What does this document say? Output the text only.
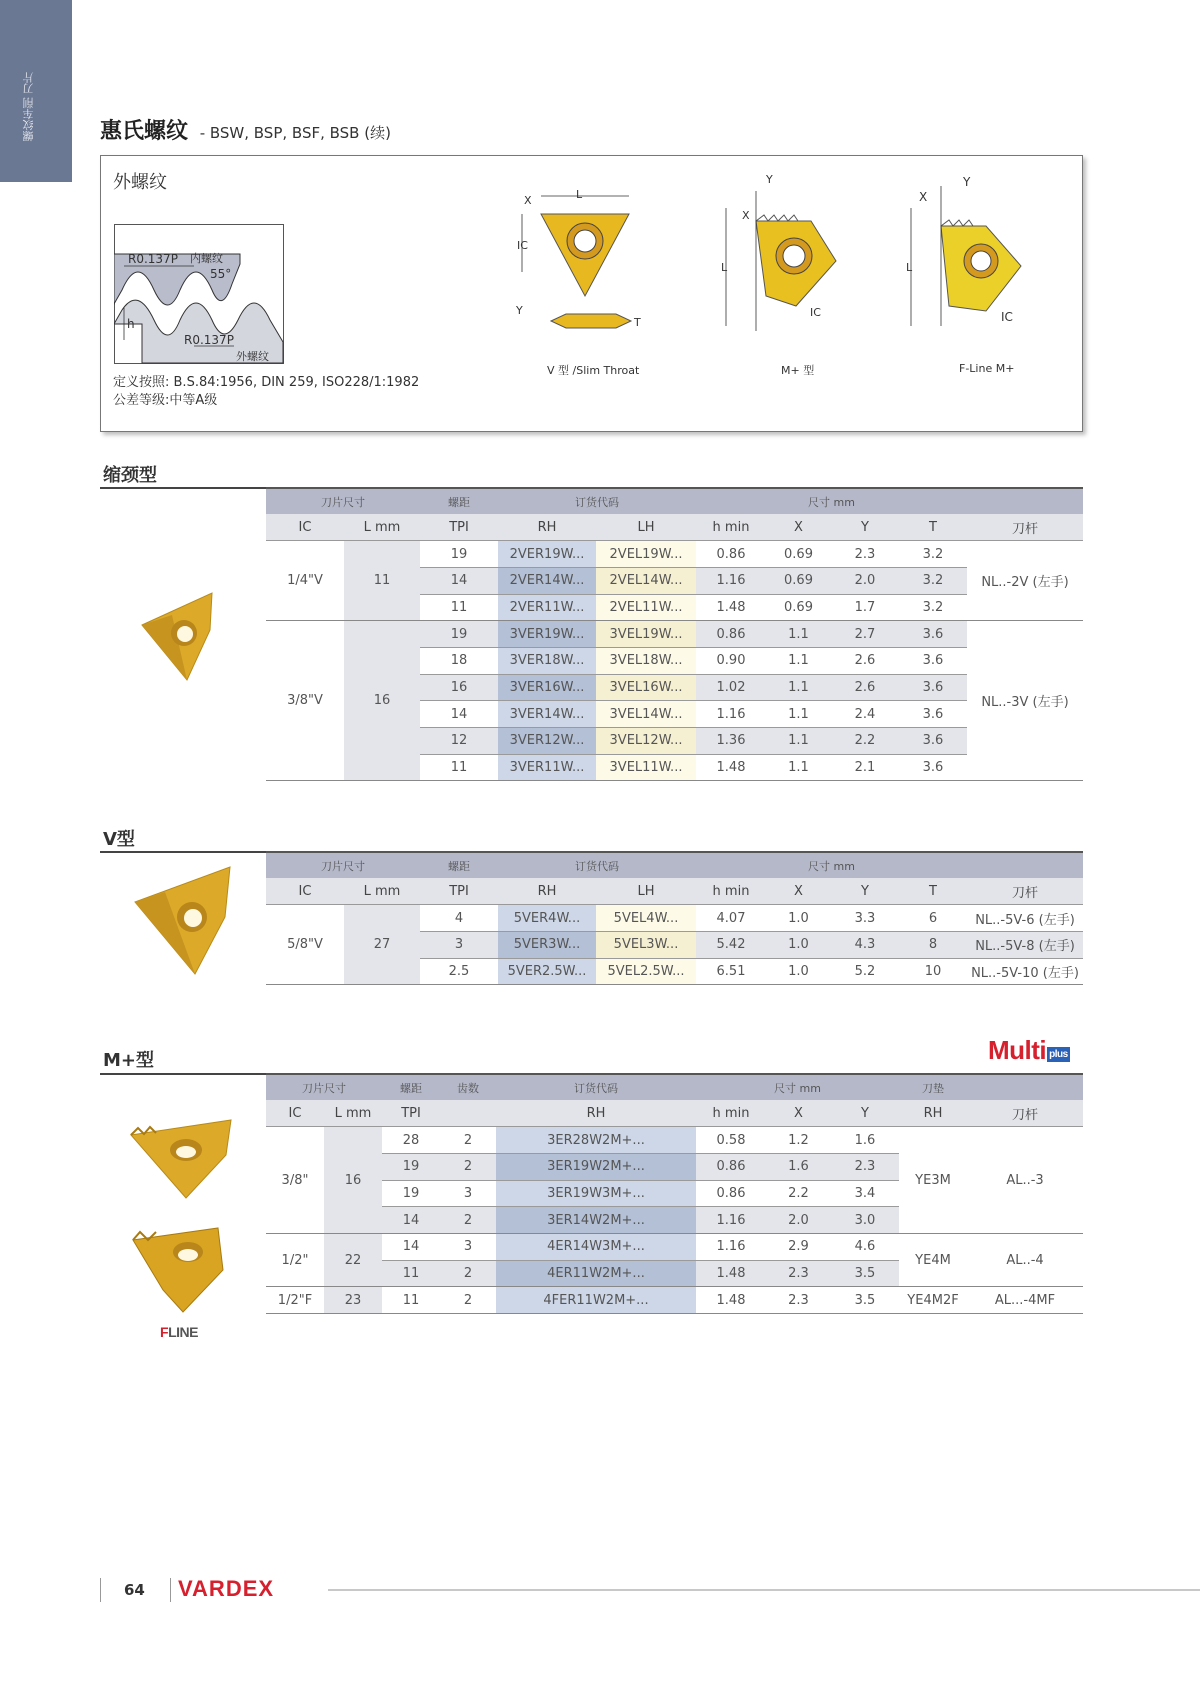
螺纹车削 刀片	惠氏螺纹 - BSW, BSP, BSF, BSB (续)
外螺纹
R0.137P 内螺纹
55°
h
R0.137P
外螺纹
定义按照: B.S.84:1956, DIN 259, ISO228/1:1982
公差等级:中等A级
L
X
IC
Y
T
V 型 /Slim Throat
L
Y
X
IC
M+ 型
L
X
Y
IC
F-Line M+
缩颈型
刀片尺寸		螺距	订货代码		尺寸 mm				
IC	L mm	TPI	RH	LH	h min	X	Y	T	刀杆
1/4"V	11	19	2VER19W...	2VEL19W...	0.86	0.69	2.3	3.2	NL..-2V (左手)
		14	2VER14W...	2VEL14W...	1.16	0.69	2.0	3.2	
		11	2VER11W...	2VEL11W...	1.48	0.69	1.7	3.2	
3/8"V	16	19	3VER19W...	3VEL19W...	0.86	1.1	2.7	3.6	NL..-3V (左手)
		18	3VER18W...	3VEL18W...	0.90	1.1	2.6	3.6	
		16	3VER16W...	3VEL16W...	1.02	1.1	2.6	3.6	
		14	3VER14W...	3VEL14W...	1.16	1.1	2.4	3.6	
		12	3VER12W...	3VEL12W...	1.36	1.1	2.2	3.6	
		11	3VER11W...	3VEL11W...	1.48	1.1	2.1	3.6	
V型
刀片尺寸		螺距	订货代码		尺寸 mm				
IC	L mm	TPI	RH	LH	h min	X	Y	T	刀杆
5/8"V	27	4	5VER4W...	5VEL4W...	4.07	1.0	3.3	6	NL..-5V-6 (左手)
		3	5VER3W...	5VEL3W...	5.42	1.0	4.3	8	NL..-5V-8 (左手)
		2.5	5VER2.5W...	5VEL2.5W...	6.51	1.0	5.2	10	NL..-5V-10 (左手)
M+型	Multi plus
FLINE
刀片尺寸		螺距	齿数	订货代码	尺寸 mm			刀垫	
IC	L mm	TPI		RH	h min	X	Y	RH	刀杆
3/8"	16	28	2	3ER28W2M+...	0.58	1.2	1.6	YE3M	AL..-3
		19	2	3ER19W2M+...	0.86	1.6	2.3		
		19	3	3ER19W3M+...	0.86	2.2	3.4		
		14	2	3ER14W2M+...	1.16	2.0	3.0		
1/2"	22	14	3	4ER14W3M+...	1.16	2.9	4.6	YE4M	AL..-4
		11	2	4ER11W2M+...	1.48	2.3	3.5		
1/2"F	23	11	2	4FER11W2M+...	1.48	2.3	3.5	YE4M2F	AL...-4MF
64 VARDEX
